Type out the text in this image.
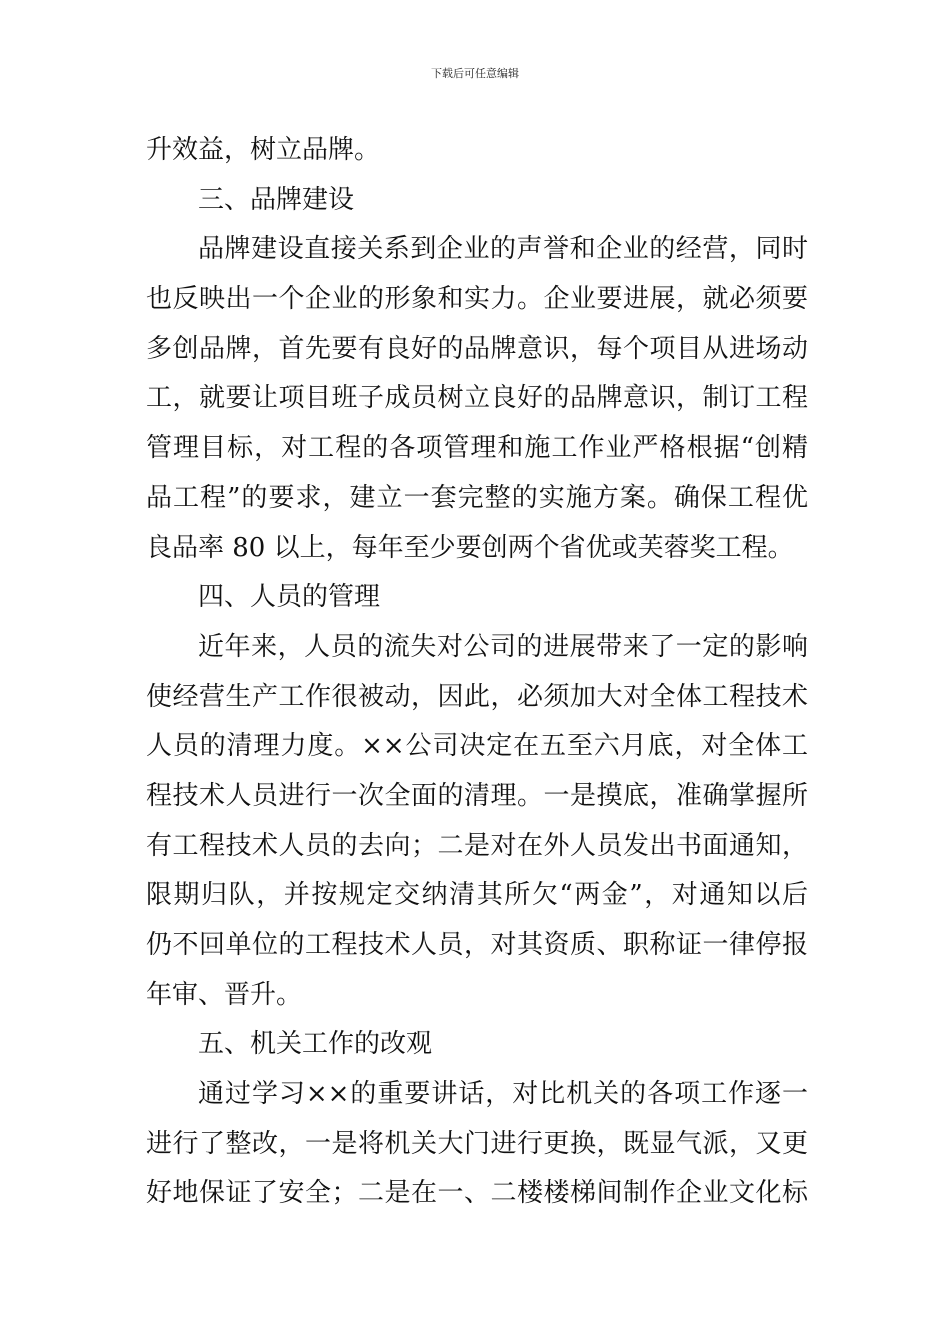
下载后可任意编辑
升效益，树立品牌。
三、品牌建设
品牌建设直接关系到企业的声誉和企业的经营，同时
也反映出一个企业的形象和实力。企业要进展，就必须要
多创品牌，首先要有良好的品牌意识，每个项目从进场动
工，就要让项目班子成员树立良好的品牌意识，制订工程
管理目标，对工程的各项管理和施工作业严格根据“创精
品工程”的要求，建立一套完整的实施方案。确保工程优
良品率 80 以上，每年至少要创两个省优或芙蓉奖工程。
四、人员的管理
近年来，人员的流失对公司的进展带来了一定的影响
使经营生产工作很被动，因此，必须加大对全体工程技术
人员的清理力度。××公司决定在五至六月底，对全体工
程技术人员进行一次全面的清理。一是摸底，准确掌握所
有工程技术人员的去向；二是对在外人员发出书面通知，
限期归队，并按规定交纳清其所欠“两金”，对通知以后
仍不回单位的工程技术人员，对其资质、职称证一律停报
年审、晋升。
五、机关工作的改观
通过学习××的重要讲话，对比机关的各项工作逐一
进行了整改，一是将机关大门进行更换，既显气派，又更
好地保证了安全；二是在一、二楼楼梯间制作企业文化标
